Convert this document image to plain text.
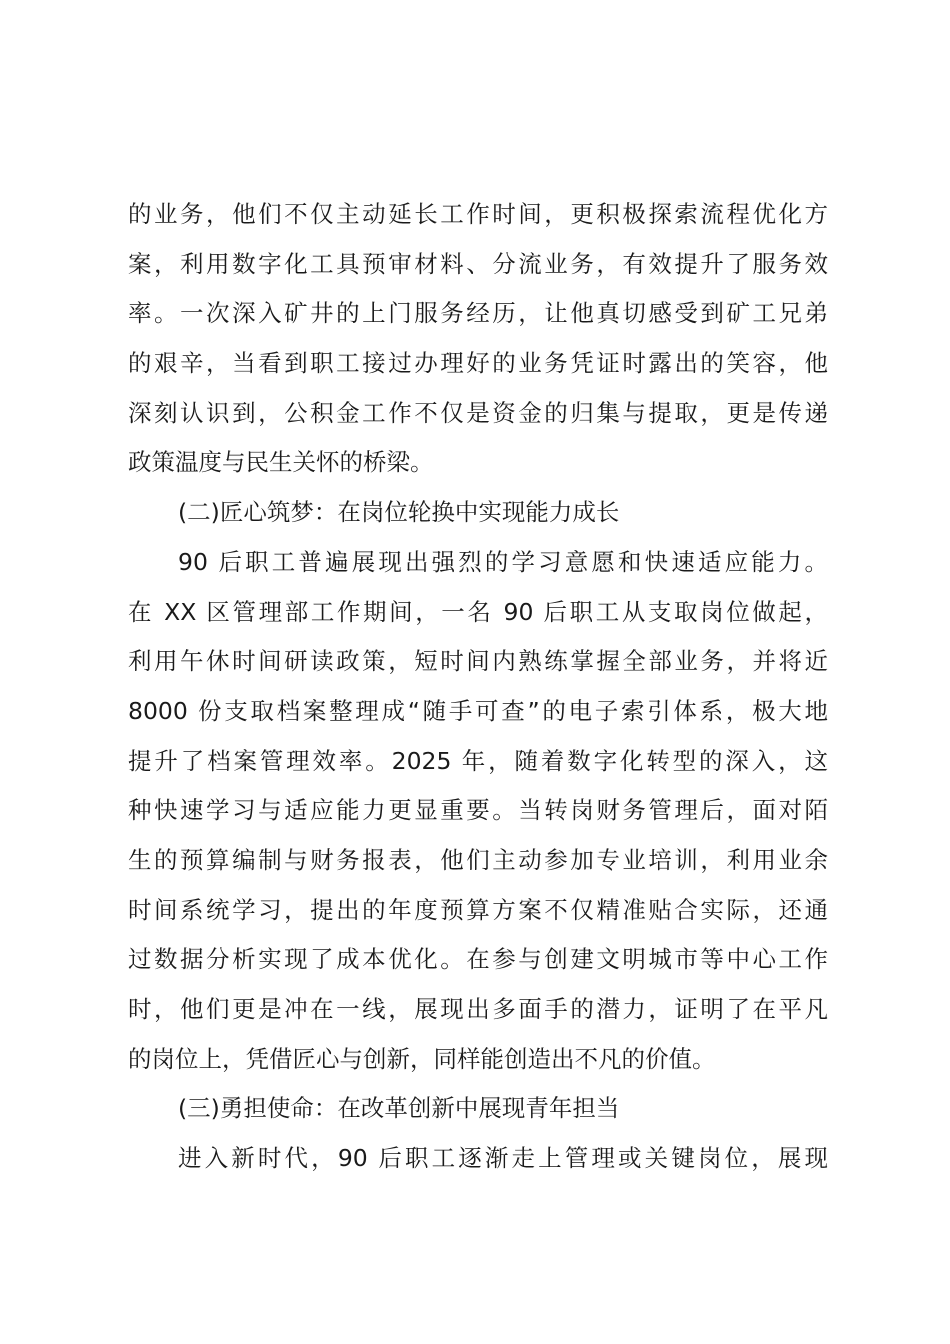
的业务，他们不仅主动延长工作时间，更积极探索流程优化方
案，利用数字化工具预审材料、分流业务，有效提升了服务效
率。一次深入矿井的上门服务经历，让他真切感受到矿工兄弟
的艰辛，当看到职工接过办理好的业务凭证时露出的笑容，他
深刻认识到，公积金工作不仅是资金的归集与提取，更是传递
政策温度与民生关怀的桥梁。
(二)匠心筑梦：在岗位轮换中实现能力成长
90 后职工普遍展现出强烈的学习意愿和快速适应能力。
在 XX 区管理部工作期间，一名 90 后职工从支取岗位做起，
利用午休时间研读政策，短时间内熟练掌握全部业务，并将近
8000 份支取档案整理成“随手可查”的电子索引体系，极大地
提升了档案管理效率。2025 年，随着数字化转型的深入，这
种快速学习与适应能力更显重要。当转岗财务管理后，面对陌
生的预算编制与财务报表，他们主动参加专业培训，利用业余
时间系统学习，提出的年度预算方案不仅精准贴合实际，还通
过数据分析实现了成本优化。在参与创建文明城市等中心工作
时，他们更是冲在一线，展现出多面手的潜力，证明了在平凡
的岗位上，凭借匠心与创新，同样能创造出不凡的价值。
(三)勇担使命：在改革创新中展现青年担当
进入新时代，90 后职工逐渐走上管理或关键岗位，展现
